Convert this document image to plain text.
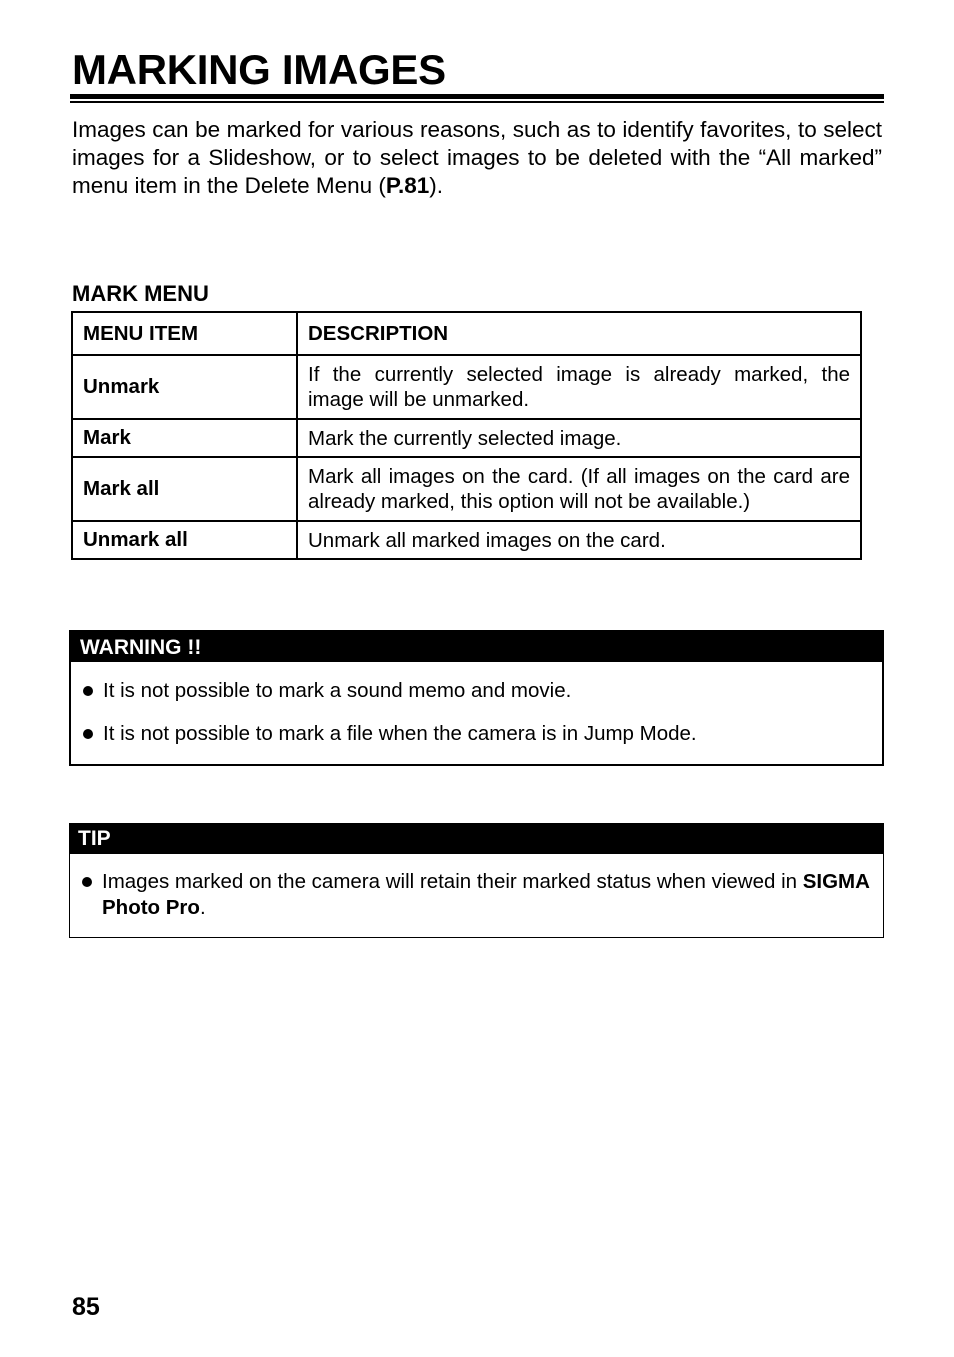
MARKING IMAGES

Images can be marked for various reasons, such as to identify favorites, to select images for a Slideshow, or to select images to be deleted with the “All marked” menu item in the Delete Menu (P.81).

MARK MENU
MENU ITEM	DESCRIPTION
Unmark	If the currently selected image is already marked, the image will be unmarked.
Mark	Mark the currently selected image.
Mark all	Mark all images on the card. (If all images on the card are already marked, this option will not be available.)
Unmark all	Unmark all marked images on the card.
WARNING !!
It is not possible to mark a sound memo and movie.
It is not possible to mark a file when the camera is in Jump Mode.
TIP
Images marked on the camera will retain their marked status when viewed in SIGMA Photo Pro.
85
